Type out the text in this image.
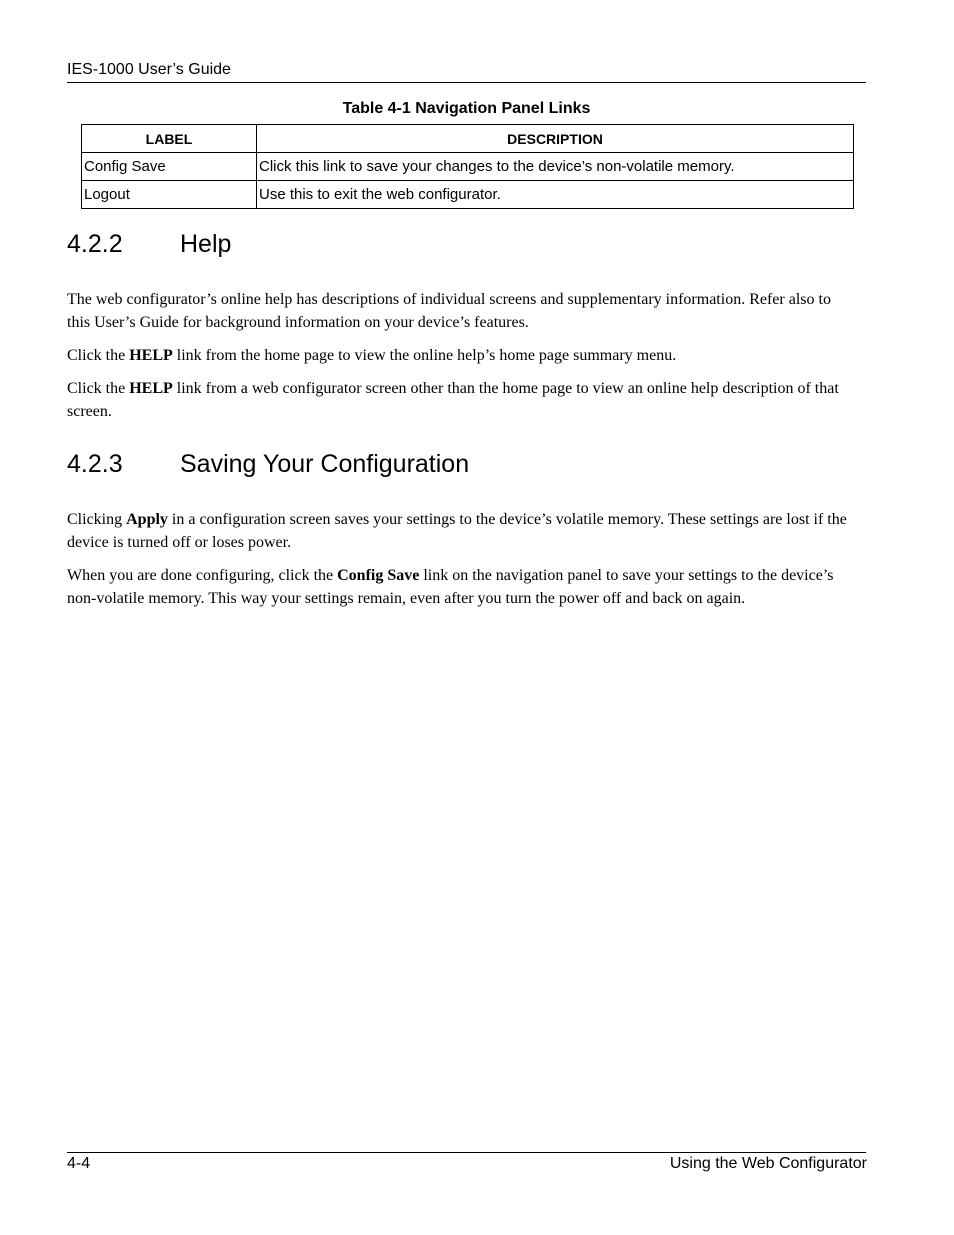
IES-1000 User’s Guide
Table 4-1 Navigation Panel Links
LABEL	DESCRIPTION
Config Save	Click this link to save your changes to the device’s non-volatile memory.
Logout	Use this to exit the web configurator.
4.2.2 Help

The web configurator’s online help has descriptions of individual screens and supplementary information. Refer also to this User’s Guide for background information on your device’s features.

Click the HELP link from the home page to view the online help’s home page summary menu.

Click the HELP link from a web configurator screen other than the home page to view an online help description of that screen.

4.2.3 Saving Your Configuration

Clicking Apply in a configuration screen saves your settings to the device’s volatile memory. These settings are lost if the device is turned off or loses power.

When you are done configuring, click the Config Save link on the navigation panel to save your settings to the device’s non-volatile memory. This way your settings remain, even after you turn the power off and back on again.

4-4	Using the Web Configurator
